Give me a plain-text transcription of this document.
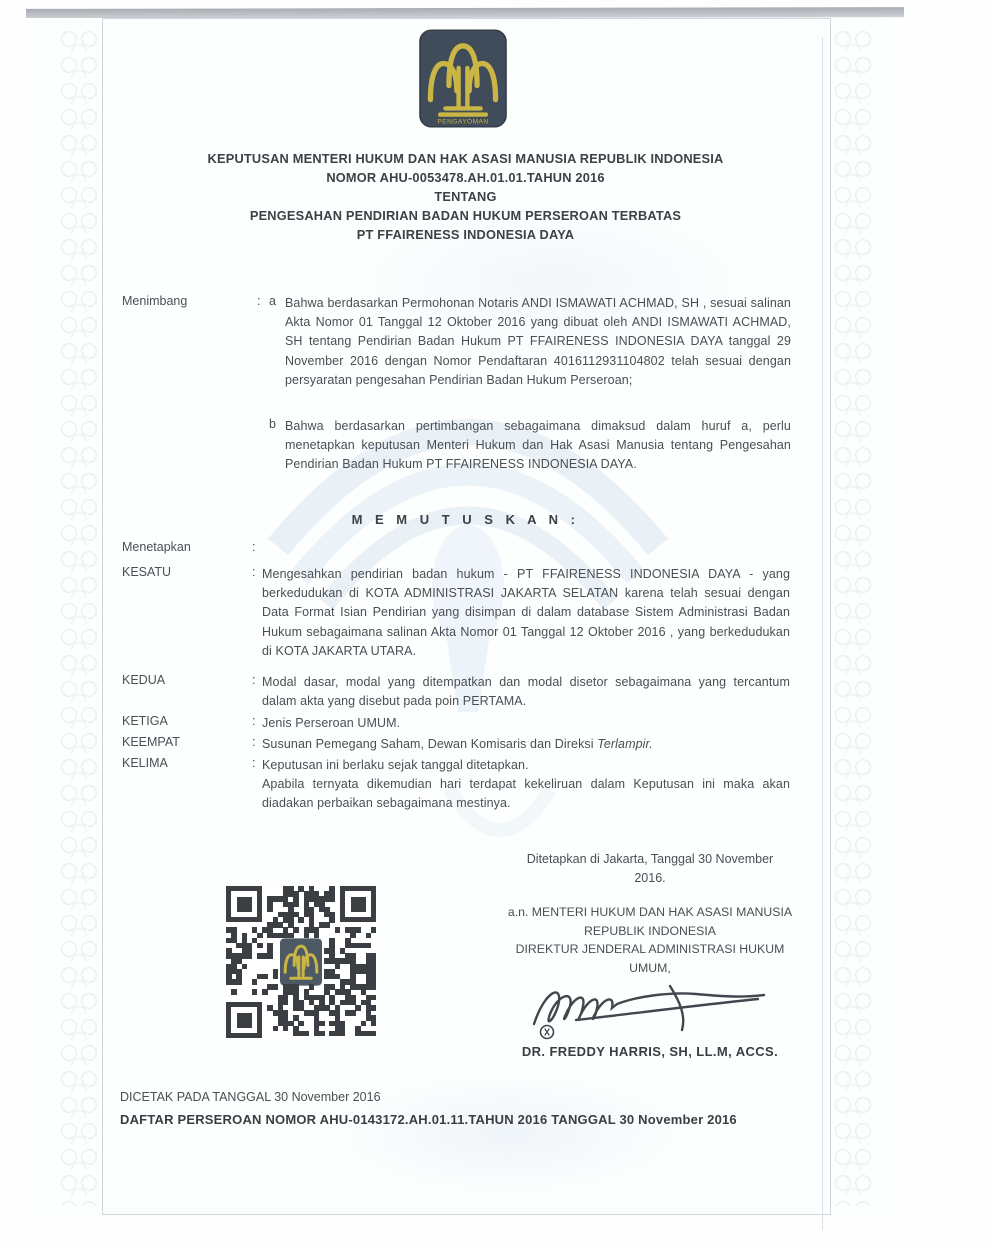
PENGAYOMAN
KEPUTUSAN MENTERI HUKUM DAN HAK ASASI MANUSIA REPUBLIK INDONESIA
NOMOR AHU-0053478.AH.01.01.TAHUN 2016
TENTANG
PENGESAHAN PENDIRIAN BADAN HUKUM PERSEROAN TERBATAS
PT FFAIRENESS INDONESIA DAYA
Menimbang	: a Bahwa berdasarkan Permohonan Notaris ANDI ISMAWATI ACHMAD, SH , sesuai salinan Akta Nomor 01 Tanggal 12 Oktober 2016 yang dibuat oleh ANDI ISMAWATI ACHMAD, SH tentang Pendirian Badan Hukum PT FFAIRENESS INDONESIA DAYA tanggal 29 November 2016 dengan Nomor Pendaftaran 4016112931104802 telah sesuai dengan persyaratan pengesahan Pendirian Badan Hukum Perseroan;
b Bahwa berdasarkan pertimbangan sebagaimana dimaksud dalam huruf a, perlu menetapkan keputusan Menteri Hukum dan Hak Asasi Manusia tentang Pengesahan Pendirian Badan Hukum PT FFAIRENESS INDONESIA DAYA.
M E M U T U S K A N :
Menetapkan	:
KESATU	: Mengesahkan pendirian badan hukum - PT FFAIRENESS INDONESIA DAYA - yang berkedudukan di KOTA ADMINISTRASI JAKARTA SELATAN karena telah sesuai dengan Data Format Isian Pendirian yang disimpan di dalam database Sistem Administrasi Badan Hukum sebagaimana salinan Akta Nomor 01 Tanggal 12 Oktober 2016 , yang berkedudukan di KOTA JAKARTA UTARA.
KEDUA	: Modal dasar, modal yang ditempatkan dan modal disetor sebagaimana yang tercantum dalam akta yang disebut pada poin PERTAMA.
KETIGA	: Jenis Perseroan UMUM.
KEEMPAT	: Susunan Pemegang Saham, Dewan Komisaris dan Direksi Terlampir.
KELIMA	: Keputusan ini berlaku sejak tanggal ditetapkan.
Apabila ternyata dikemudian hari terdapat kekeliruan dalam Keputusan ini maka akan diadakan perbaikan sebagaimana mestinya.
Ditetapkan di Jakarta, Tanggal 30 November
2016.
a.n. MENTERI HUKUM DAN HAK ASASI MANUSIA
REPUBLIK INDONESIA
DIREKTUR JENDERAL ADMINISTRASI HUKUM
UMUM,
DR. FREDDY HARRIS, SH, LL.M, ACCS.
DICETAK PADA TANGGAL 30 November 2016
DAFTAR PERSEROAN NOMOR AHU-0143172.AH.01.11.TAHUN 2016 TANGGAL 30 November 2016
